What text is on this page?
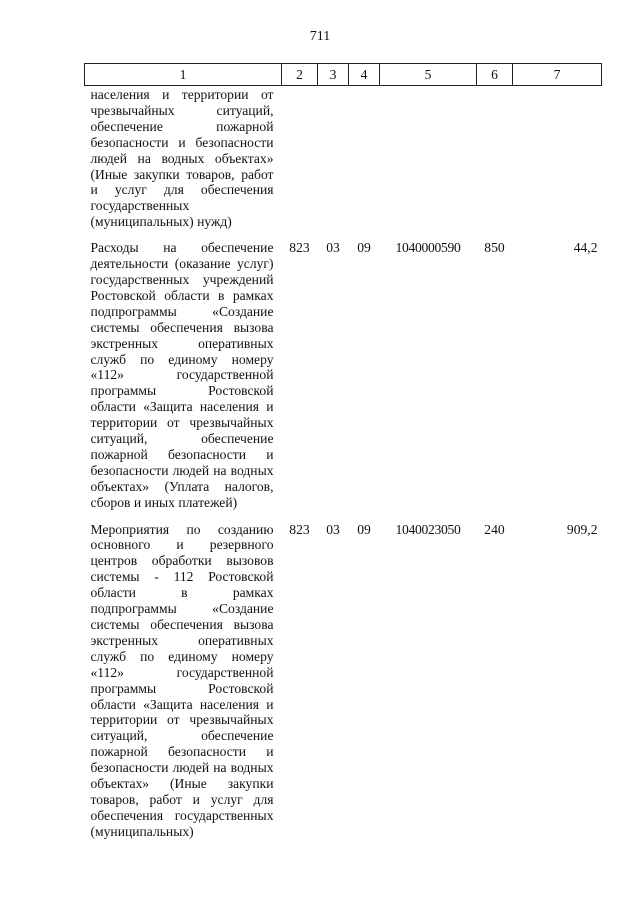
711
1	2	3	4	5	6	7
населения и территории от чрезвычайных ситуаций, обеспечение пожарной безопасности и безопасности людей на водных объектах» (Иные закупки товаров, работ и услуг для обеспечения государственных (муниципальных) нужд)						
Расходы на обеспечение деятельности (оказание услуг) государственных учреждений Ростовской области в рамках подпрограммы «Создание системы обеспечения вызова экстренных оперативных служб по единому номеру «112» государственной программы Ростовской области «Защита населения и территории от чрезвычайных ситуаций, обеспечение пожарной безопасности и безопасности людей на водных объектах» (Уплата налогов, сборов и иных платежей)	823	03	09	1040000590	850	44,2
Мероприятия по созданию основного и резервного центров обработки вызовов системы - 112 Ростовской области в рамках подпрограммы «Создание системы обеспечения вызова экстренных оперативных служб по единому номеру «112» государственной программы Ростовской области «Защита населения и территории от чрезвычайных ситуаций, обеспечение пожарной безопасности и безопасности людей на водных объектах» (Иные закупки товаров, работ и услуг для обеспечения государственных (муниципальных)	823	03	09	1040023050	240	909,2
